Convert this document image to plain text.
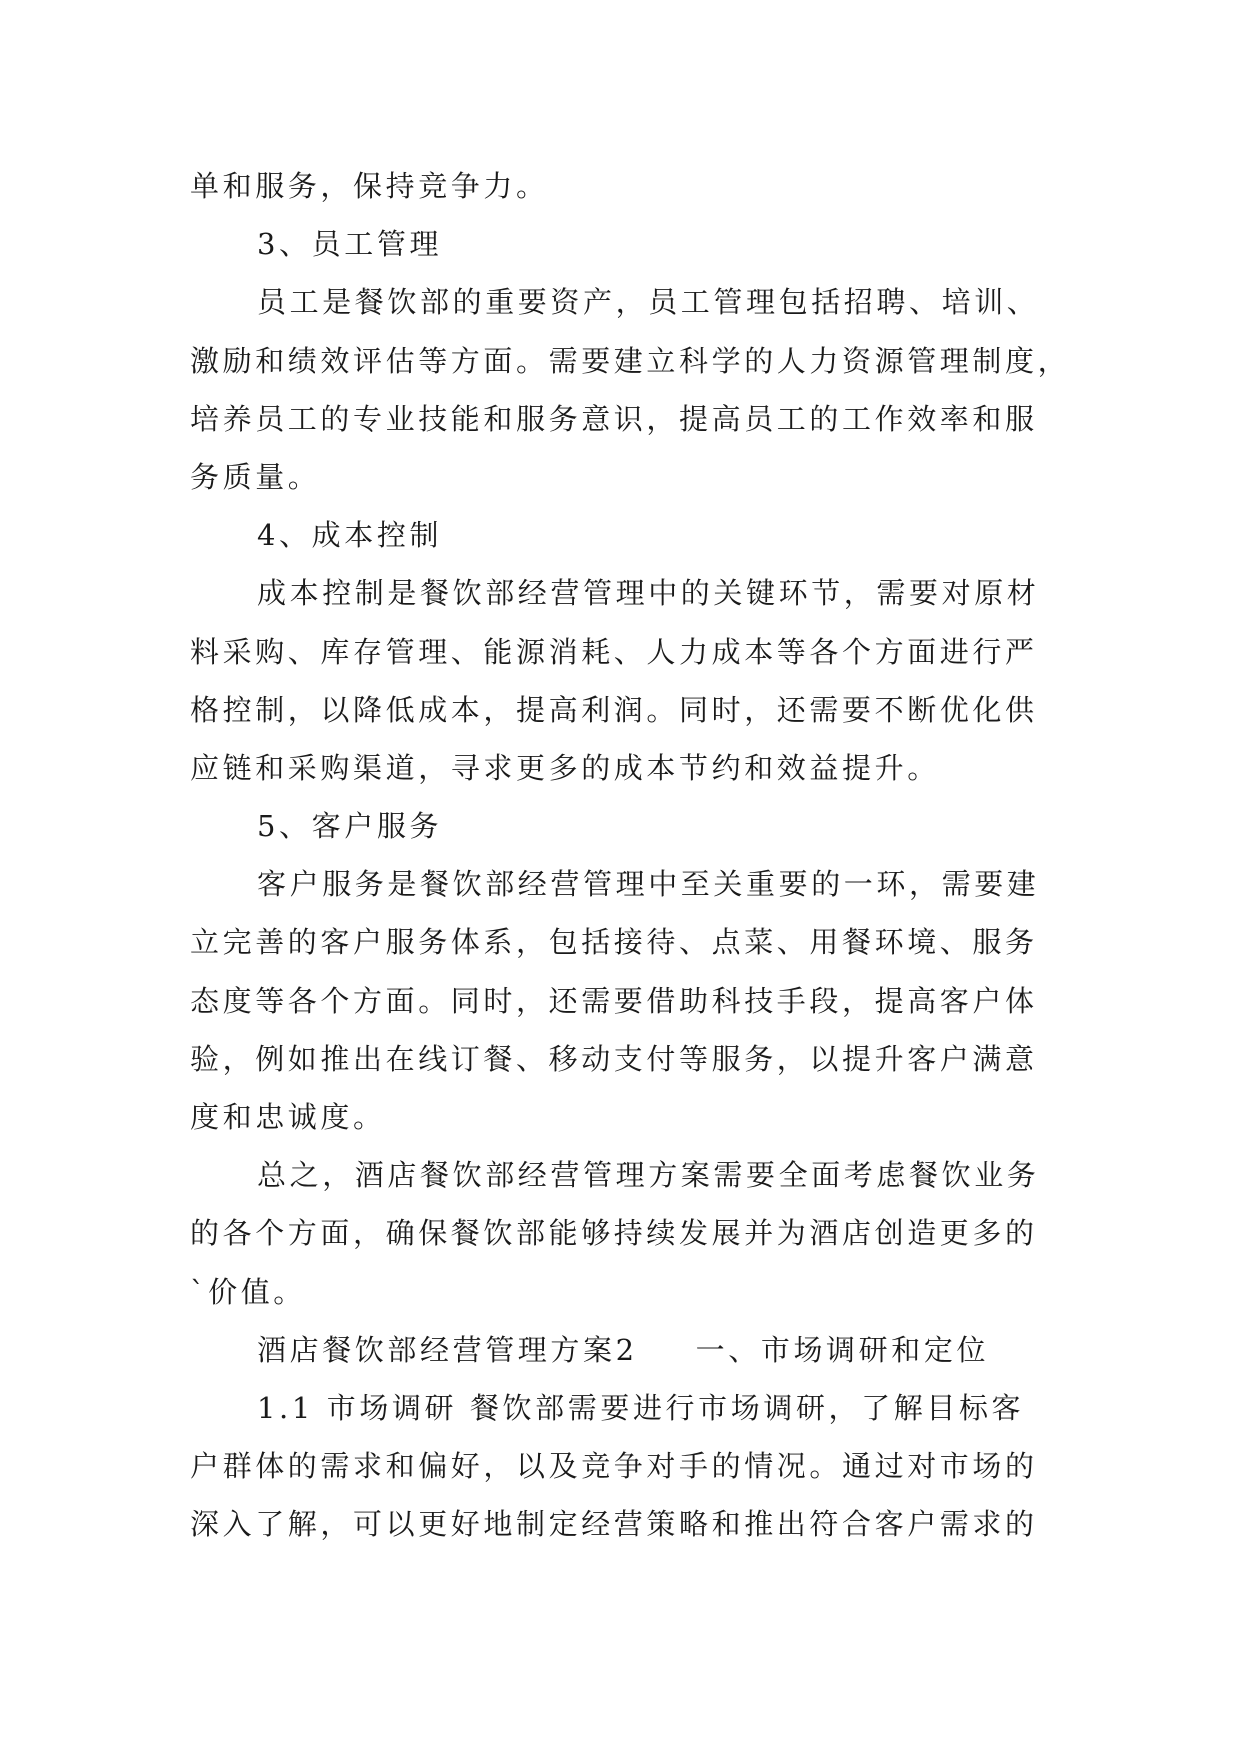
单和服务，保持竞争力。
3、员工管理
员工是餐饮部的重要资产，员工管理包括招聘、培训、
激励和绩效评估等方面。需要建立科学的人力资源管理制度，
培养员工的专业技能和服务意识，提高员工的工作效率和服
务质量。
4、成本控制
成本控制是餐饮部经营管理中的关键环节，需要对原材
料采购、库存管理、能源消耗、人力成本等各个方面进行严
格控制，以降低成本，提高利润。同时，还需要不断优化供
应链和采购渠道，寻求更多的成本节约和效益提升。
5、客户服务
客户服务是餐饮部经营管理中至关重要的一环，需要建
立完善的客户服务体系，包括接待、点菜、用餐环境、服务
态度等各个方面。同时，还需要借助科技手段，提高客户体
验，例如推出在线订餐、移动支付等服务，以提升客户满意
度和忠诚度。
总之，酒店餐饮部经营管理方案需要全面考虑餐饮业务
的各个方面，确保餐饮部能够持续发展并为酒店创造更多的
`价值。
酒店餐饮部经营管理方案2 一、市场调研和定位
1.1 市场调研 餐饮部需要进行市场调研，了解目标客
户群体的需求和偏好，以及竞争对手的情况。通过对市场的
深入了解，可以更好地制定经营策略和推出符合客户需求的
